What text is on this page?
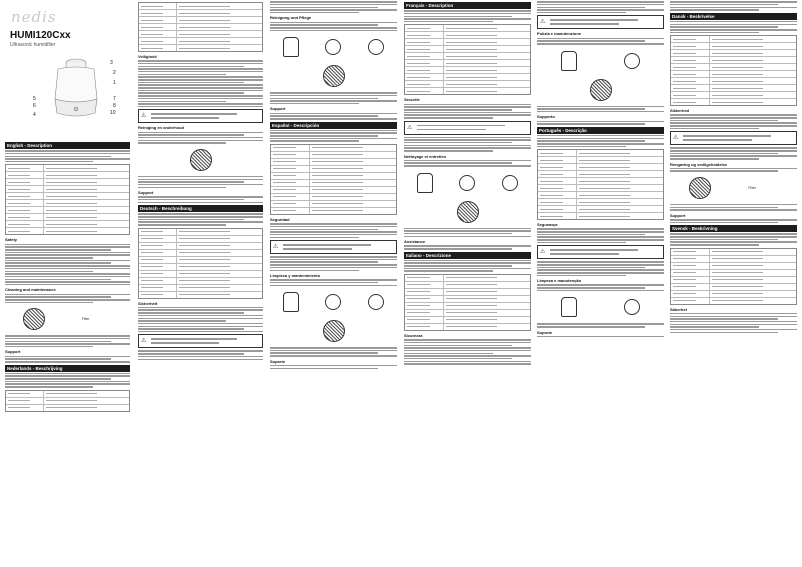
nedis
HUMI120Cxx
Ultrasonic humidifier
3
2
1
5
6
7
8
10
4
English - Description
Safety
Cleaning and maintenance
Filter
Support
Nederlands - Beschrijving
Veiligheid
⚠
Reiniging en onderhoud
Support
Deutsch - Beschreibung
Sicherheit
⚠
Reinigung und Pflege
Support
Español - Descripción
Seguridad
⚠
Limpieza y mantenimiento
Soporte
Français - Description
Sécurité
⚠
Nettoyage et entretien
Assistance
Italiano - Descrizione
Sicurezza
⚠
Pulizia e manutenzione
Supporto
Português - Descrição
Segurança
⚠
Limpeza e manutenção
Suporte
Dansk - Beskrivelse
Sikkerhed
⚠
Rengøring og vedligeholdelse
Filter
Support
Svensk - Beskrivning
Säkerhet
